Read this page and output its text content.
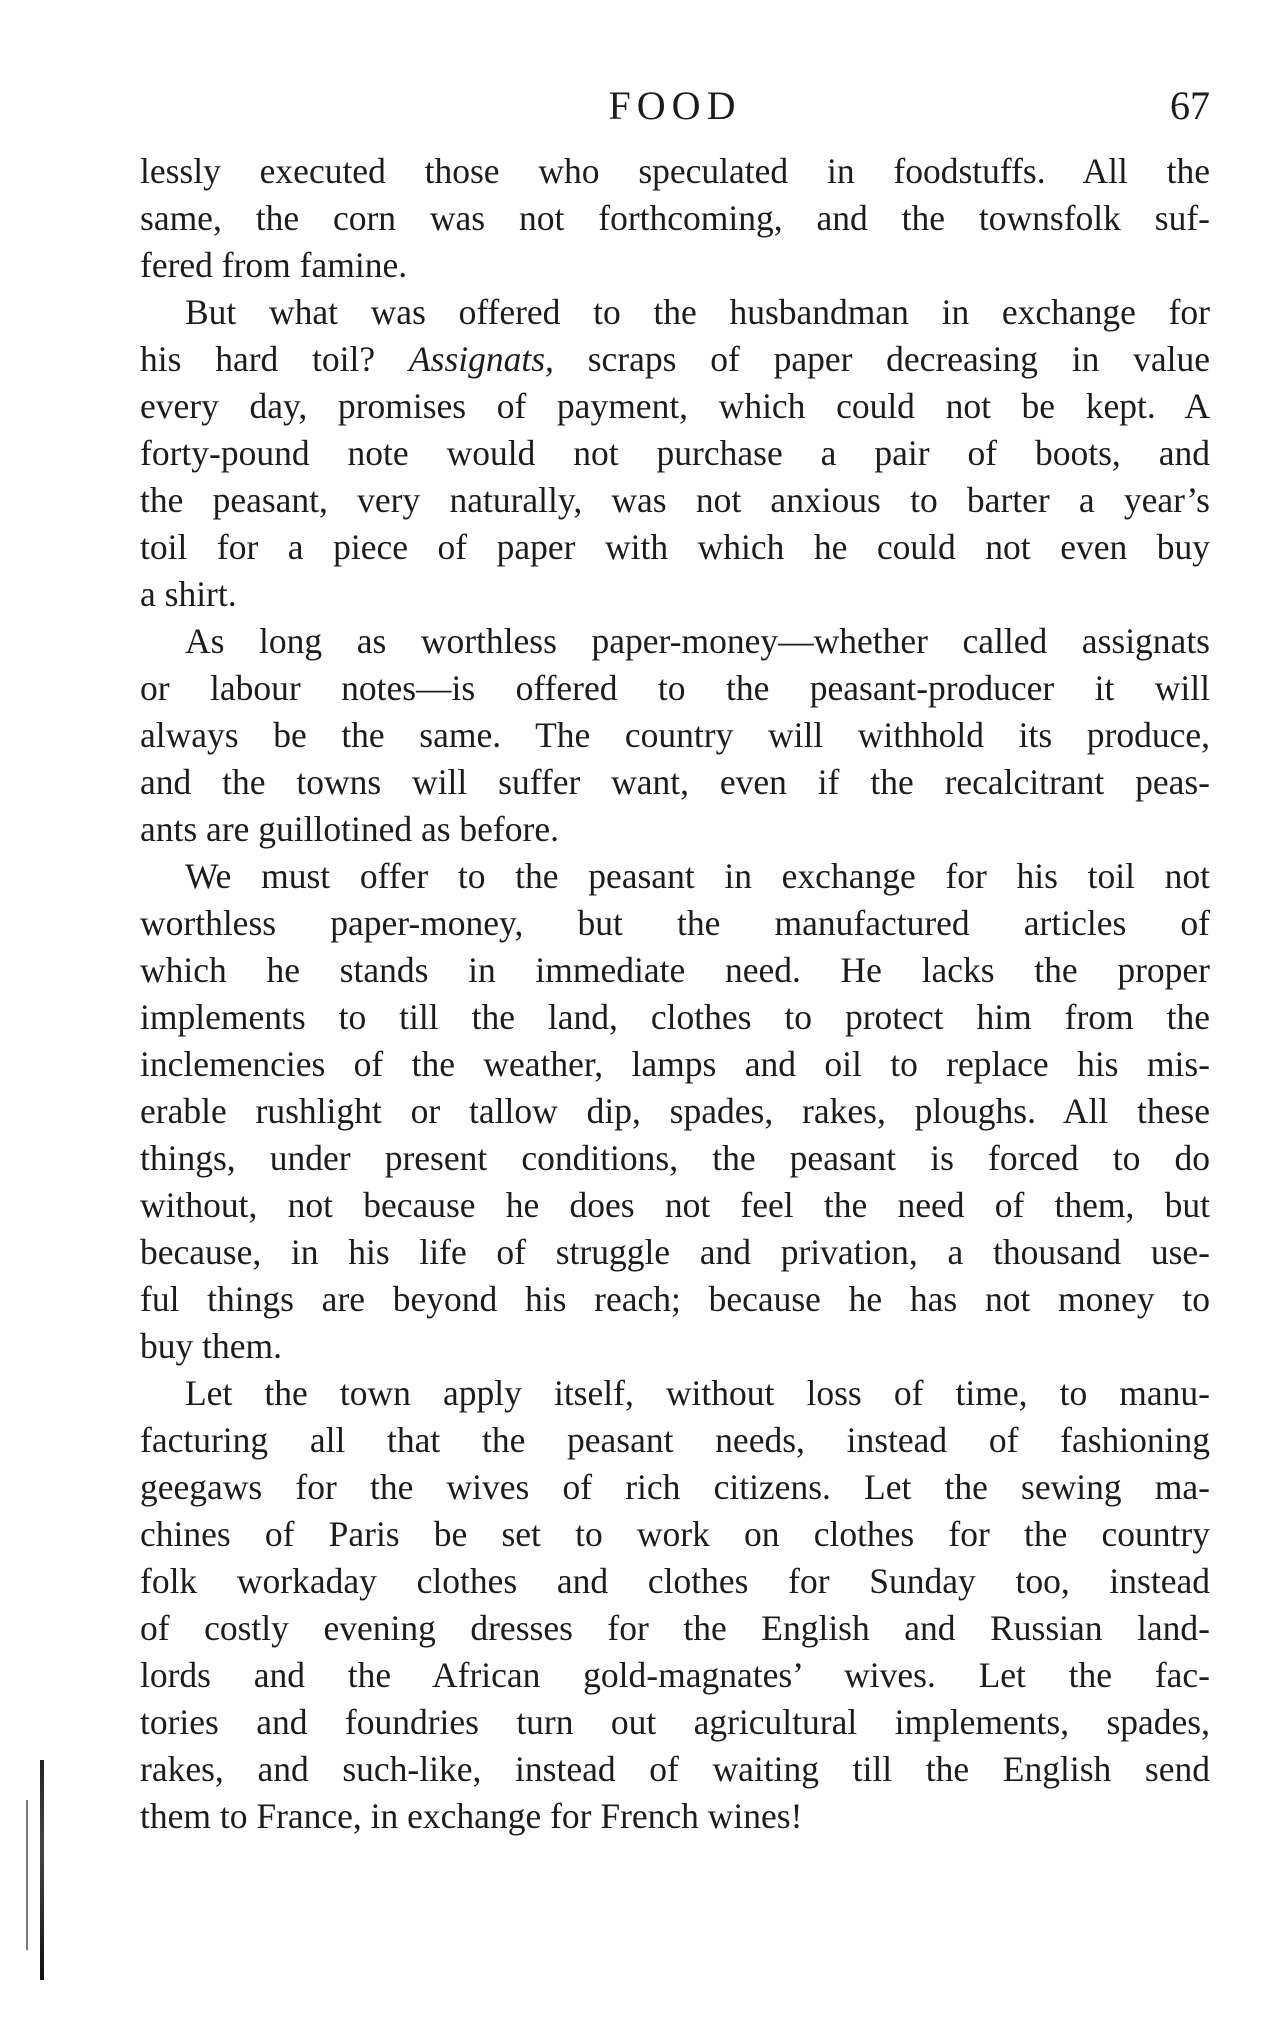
FOOD	67
lessly executed those who speculated in foodstuffs. All the
same, the corn was not forthcoming, and the townsfolk suf-
fered from famine.
But what was offered to the husbandman in exchange for
his hard toil? Assignats, scraps of paper decreasing in value
every day, promises of payment, which could not be kept. A
forty-pound note would not purchase a pair of boots, and
the peasant, very naturally, was not anxious to barter a year’s
toil for a piece of paper with which he could not even buy
a shirt.
As long as worthless paper-money—whether called assignats
or labour notes—is offered to the peasant-producer it will
always be the same. The country will withhold its produce,
and the towns will suffer want, even if the recalcitrant peas-
ants are guillotined as before.
We must offer to the peasant in exchange for his toil not
worthless paper-money, but the manufactured articles of
which he stands in immediate need. He lacks the proper
implements to till the land, clothes to protect him from the
inclemencies of the weather, lamps and oil to replace his mis-
erable rushlight or tallow dip, spades, rakes, ploughs. All these
things, under present conditions, the peasant is forced to do
without, not because he does not feel the need of them, but
because, in his life of struggle and privation, a thousand use-
ful things are beyond his reach; because he has not money to
buy them.
Let the town apply itself, without loss of time, to manu-
facturing all that the peasant needs, instead of fashioning
geegaws for the wives of rich citizens. Let the sewing ma-
chines of Paris be set to work on clothes for the country
folk workaday clothes and clothes for Sunday too, instead
of costly evening dresses for the English and Russian land-
lords and the African gold-magnates’ wives. Let the fac-
tories and foundries turn out agricultural implements, spades,
rakes, and such-like, instead of waiting till the English send
them to France, in exchange for French wines!
